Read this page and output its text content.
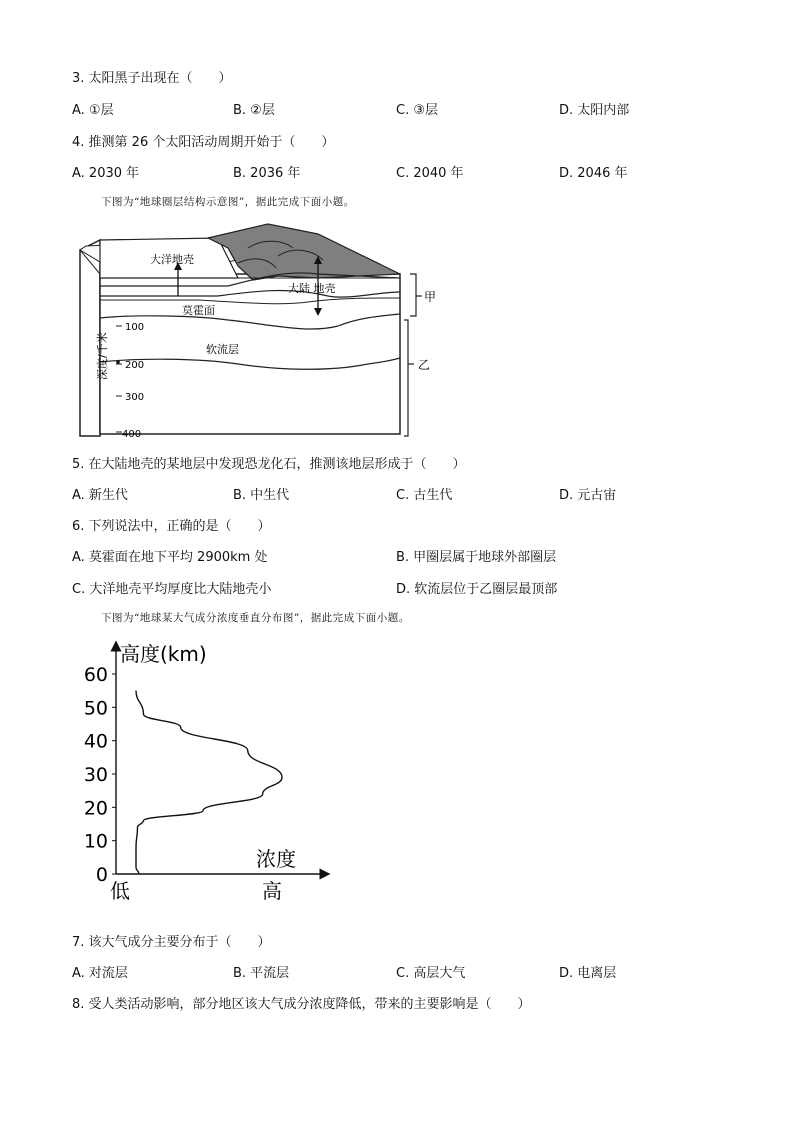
3. 太阳黑子出现在（　　）
A. ①层	B. ②层	C. ③层	D. 太阳内部
4. 推测第 26 个太阳活动周期开始于（　　）
A. 2030 年	B. 2036 年	C. 2040 年	D. 2046 年
下图为“地球圈层结构示意图”，据此完成下面小题。
大洋地壳
大陆 地壳
莫霍面
软流层
深度/千米
100
200
300
400
甲
乙
5. 在大陆地壳的某地层中发现恐龙化石，推测该地层形成于（　　）
A. 新生代	B. 中生代	C. 古生代	D. 元古宙
6. 下列说法中，正确的是（　　）
A. 莫霍面在地下平均 2900km 处	B. 甲圈层属于地球外部圈层
C. 大洋地壳平均厚度比大陆地壳小	D. 软流层位于乙圈层最顶部
下图为“地球某大气成分浓度垂直分布图”，据此完成下面小题。
高度(km)
浓度
低	高
0
10
20
30
40
50
60
7. 该大气成分主要分布于（　　）
A. 对流层	B. 平流层	C. 高层大气	D. 电离层
8. 受人类活动影响，部分地区该大气成分浓度降低，带来的主要影响是（　　）
